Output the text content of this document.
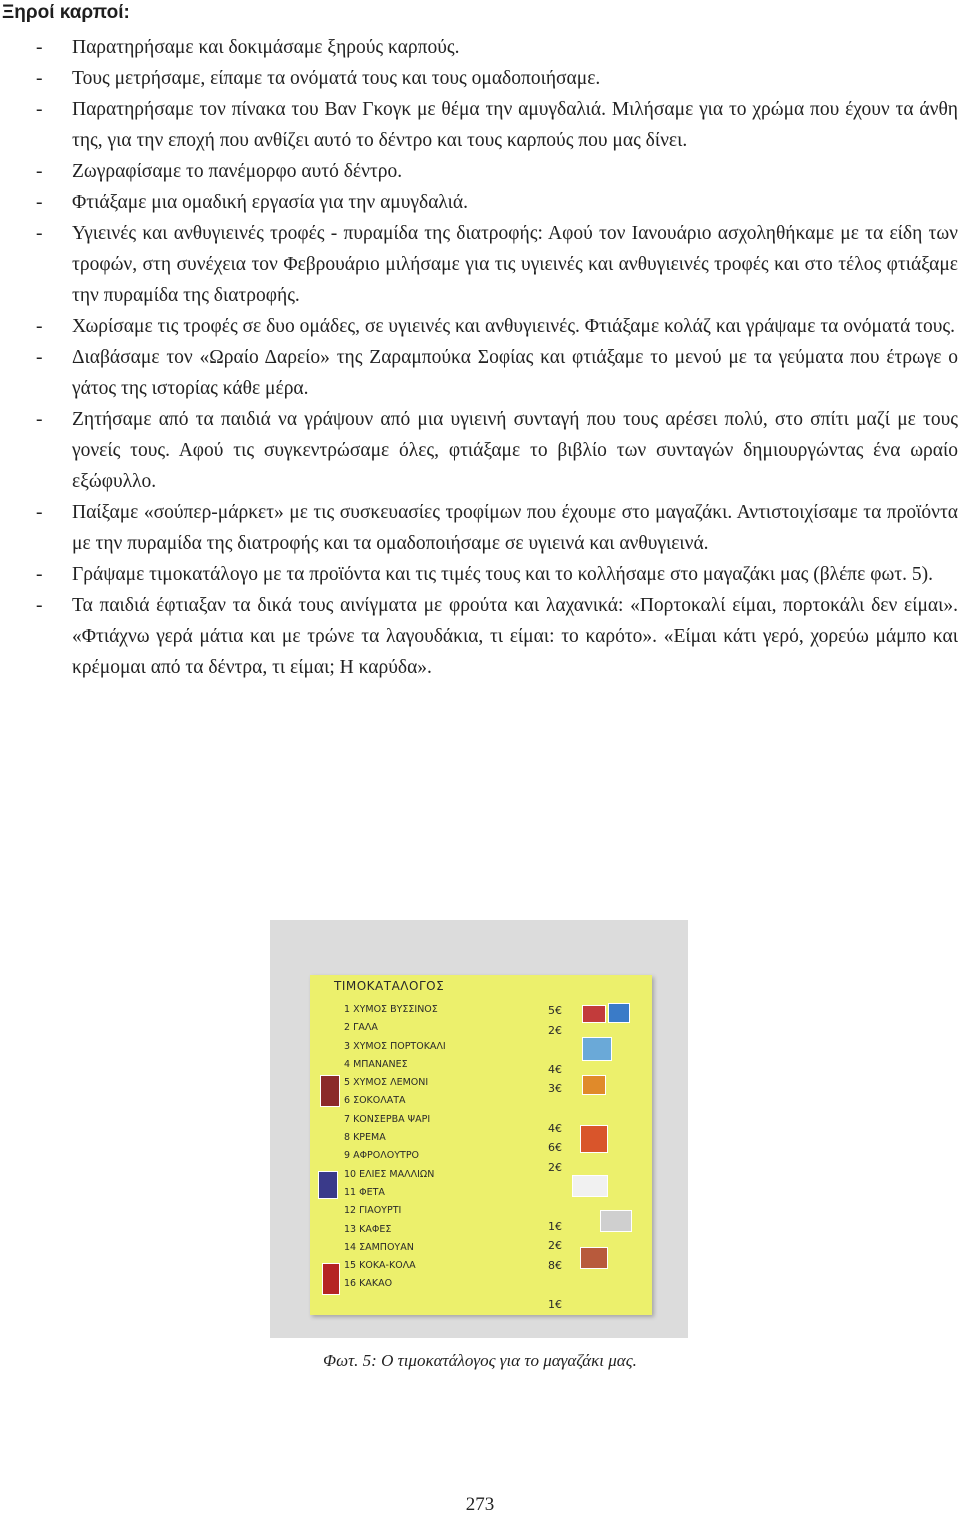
Ξηροί καρποί:
- Παρατηρήσαμε και δοκιμάσαμε ξηρούς καρπούς.
- Τους μετρήσαμε, είπαμε τα ονόματά τους και τους ομαδοποιήσαμε.
- Παρατηρήσαμε τον πίνακα του Βαν Γκογκ με θέμα την αμυγδαλιά. Μιλήσαμε για το χρώμα που έχουν τα άνθη της, για την εποχή που ανθίζει αυτό το δέντρο και τους καρπούς που μας δίνει.
- Ζωγραφίσαμε το πανέμορφο αυτό δέντρο.
- Φτιάξαμε μια ομαδική εργασία για την αμυγδαλιά.
- Υγιεινές και ανθυγιεινές τροφές - πυραμίδα της διατροφής: Αφού τον Ιανουάριο ασχοληθήκαμε με τα είδη των τροφών, στη συνέχεια τον Φεβρουάριο μιλήσαμε για τις υγιεινές και ανθυγιεινές τροφές και στο τέλος φτιάξαμε την πυραμίδα της διατροφής.
- Χωρίσαμε τις τροφές σε δυο ομάδες, σε υγιεινές και ανθυγιεινές. Φτιάξαμε κολάζ και γράψαμε τα ονόματά τους.
- Διαβάσαμε τον «Ωραίο Δαρείο» της Ζαραμπούκα Σοφίας και φτιάξαμε το μενού με τα γεύματα που έτρωγε ο γάτος της ιστορίας κάθε μέρα.
- Ζητήσαμε από τα παιδιά να γράψουν από μια υγιεινή συνταγή που τους αρέσει πολύ, στο σπίτι μαζί με τους γονείς τους. Αφού τις συγκεντρώσαμε όλες, φτιάξαμε το βιβλίο των συνταγών δημιουργώντας ένα ωραίο εξώφυλλο.
- Παίξαμε «σούπερ-μάρκετ» με τις συσκευασίες τροφίμων που έχουμε στο μαγαζάκι. Αντιστοιχίσαμε τα προϊόντα με την πυραμίδα της διατροφής και τα ομαδοποιήσαμε σε υγιεινά και ανθυγιεινά.
- Γράψαμε τιμοκατάλογο με τα προϊόντα και τις τιμές τους και το κολλήσαμε στο μαγαζάκι μας (βλέπε φωτ. 5).
- Τα παιδιά έφτιαξαν τα δικά τους αινίγματα με φρούτα και λαχανικά: «Πορτοκαλί είμαι, πορτοκάλι δεν είμαι». «Φτιάχνω γερά μάτια και με τρώνε τα λαγουδάκια, τι είμαι: το καρότο». «Είμαι κάτι γερό, χορεύω μάμπο και κρέμομαι από τα δέντρα, τι είμαι; Η καρύδα».
ΤΙΜΟΚΑΤΑΛΟΓΟΣ
1 ΧΥΜΟΣ ΒΥΣΣΙΝΟΣ
2 ΓΑΛΑ
3 ΧΥΜΟΣ ΠΟΡΤΟΚΑΛΙ
4 ΜΠΑΝΑΝΕΣ
5 ΧΥΜΟΣ ΛΕΜΟΝΙ
6 ΣΟΚΟΛΑΤΑ
7 ΚΟΝΣΕΡΒΑ ΨΑΡΙ
8 ΚΡΕΜΑ
9 ΑΦΡΟΛΟΥΤΡΟ
10 ΕΛΙΕΣ ΜΑΛΛΙΩΝ
11 ΦΕΤΑ
12 ΓΙΑΟΥΡΤΙ
13 ΚΑΦΕΣ
14 ΣΑΜΠΟΥΑΝ
15 ΚΟΚΑ-ΚΟΛΑ
16 ΚΑΚΑΟ
5€
2€

4€
3€

4€
6€
2€

1€
2€
8€

1€
Φωτ. 5: Ο τιμοκατάλογος για το μαγαζάκι μας.
273
